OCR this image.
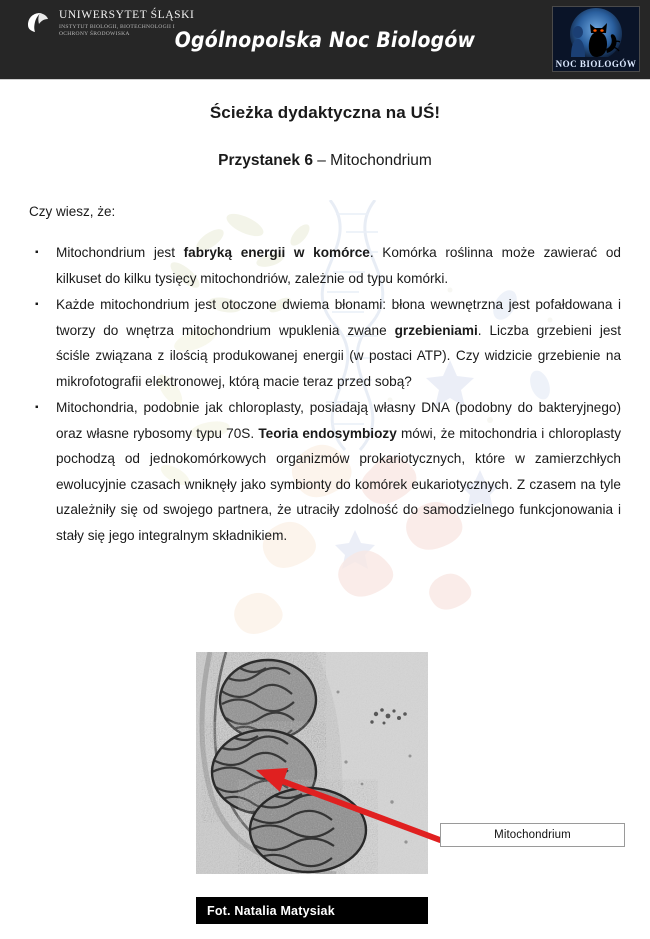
UNIWERSYTET ŚLĄSKI
INSTYTUT BIOLOGII, BIOTECHNOLOGII I OCHRONY ŚRODOWISKA	Ogólnopolska Noc Biologów
NOC BIOLOGÓW
Ścieżka dydaktyczna na UŚ!
Przystanek 6 – Mitochondrium
Czy wiesz, że:
▪	Mitochondrium jest fabryką energii w komórce. Komórka roślinna może zawierać od kilkuset do kilku tysięcy mitochondriów, zależnie od typu komórki.
▪	Każde mitochondrium jest otoczone dwiema błonami: błona wewnętrzna jest pofałdowana i tworzy do wnętrza mitochondrium wpuklenia zwane grzebieniami. Liczba grzebieni jest ściśle związana z ilością produkowanej energii (w postaci ATP). Czy widzicie grzebienie na mikrofotografii elektronowej, którą macie teraz przed sobą?
▪	Mitochondria, podobnie jak chloroplasty, posiadają własny DNA (podobny do bakteryjnego) oraz własne rybosomy typu 70S. Teoria endosymbiozy mówi, że mitochondria i chloroplasty pochodzą od jednokomórkowych organizmów prokariotycznych, które w zamierzchłych ewolucyjnie czasach wniknęły jako symbionty do komórek eukariotycznych. Z czasem na tyle uzależniły się od swojego partnera, że utraciły zdolność do samodzielnego funkcjonowania i stały się jego integralnym składnikiem.
Mitochondrium
Fot. Natalia Matysiak
